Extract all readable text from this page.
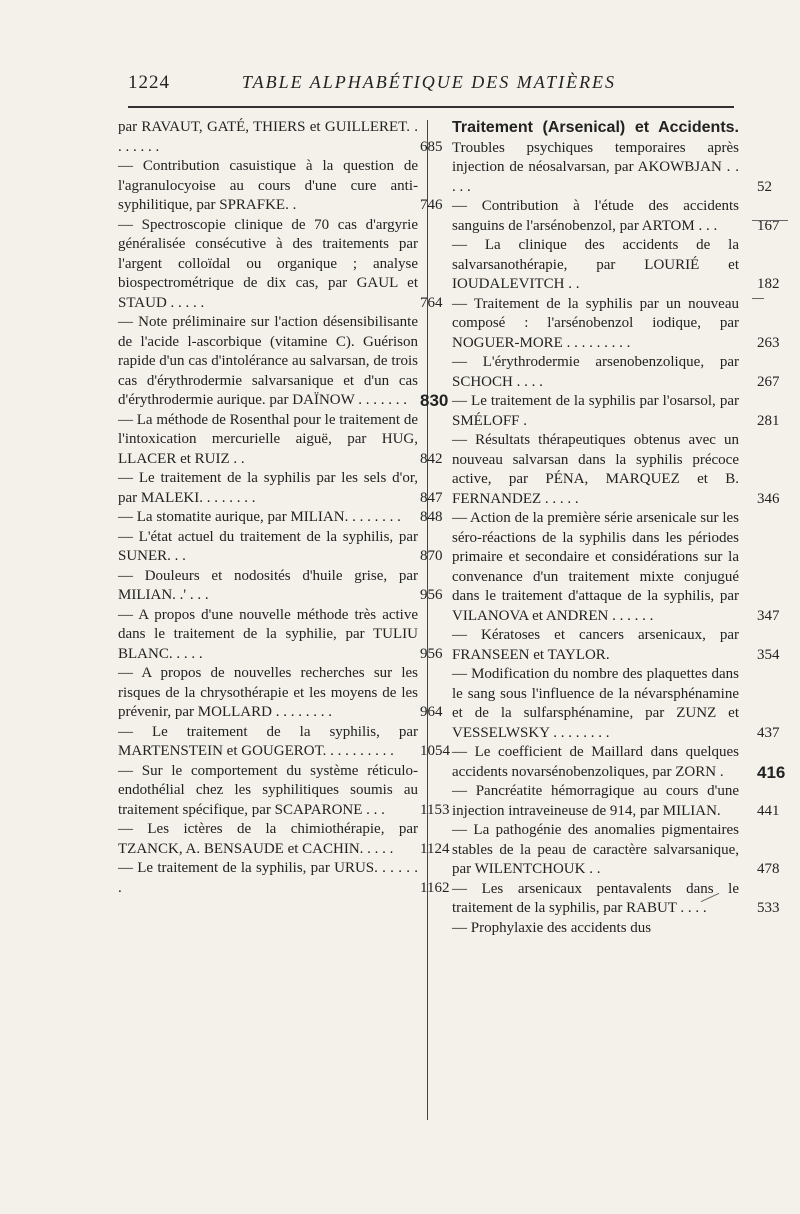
1224	TABLE ALPHABÉTIQUE DES MATIÈRES
par RAVAUT, GATÉ, THIERS et GUILLERET. . . . . . . .	685
— Contribution casuistique à la question de l'agranulocyoise au cours d'une cure anti-syphilitique, par SPRAFKE. .	746
— Spectroscopie clinique de 70 cas d'argyrie généralisée consécutive à des traitements par l'argent colloïdal ou organique ; analyse biospectrométrique de dix cas, par GAUL et STAUD . . . . .	764
— Note préliminaire sur l'action désensibilisante de l'acide l-ascorbique (vitamine C). Guérison rapide d'un cas d'intolérance au salvarsan, de trois cas d'érythrodermie salvarsanique et d'un cas d'érythrodermie aurique. par DAÏNOW . . . . . . . 830
— La méthode de Rosenthal pour le traitement de l'intoxication mercurielle aiguë, par HUG, LLACER et RUIZ . .	842
— Le traitement de la syphilis par les sels d'or, par MALEKI. . . . . . . .	847
— La stomatite aurique, par MILIAN. . . . . . . . 848
— L'état actuel du traitement de la syphilis, par SUNER. . .	870
— Douleurs et nodosités d'huile grise, par MILIAN. .' . . .	956
— A propos d'une nouvelle méthode très active dans le traitement de la syphilie, par TULIU BLANC. . . . .	956
— A propos de nouvelles recherches sur les risques de la chrysothérapie et les moyens de les prévenir, par MOLLARD . . . . . . . .	964
— Le traitement de la syphilis, par MARTENSTEIN et GOUGEROT. . . . . . . . . . 1054
— Sur le comportement du système réticulo-endothélial chez les syphilitiques soumis au traitement spécifique, par SCAPARONE . . . 1153
— Les ictères de la chimiothérapie, par TZANCK, A. BENSAUDE et CACHIN. . . . . 1124
— Le traitement de la syphilis, par URUS. . . . . . .	1162
Traitement (Arsenical) et Accidents. Troubles psychiques temporaires après injection de néosalvarsan, par AKOWBJAN . . . . .	52
— Contribution à l'étude des accidents sanguins de l'arsénobenzol, par ARTOM . . .	167
— La clinique des accidents de la salvarsanothérapie, par LOURIÉ et IOUDALEVITCH . .	182
— Traitement de la syphilis par un nouveau composé : l'arsénobenzol iodique, par NOGUER-MORE . . . . . . . . .	263
— L'érythrodermie arsenobenzolique, par SCHOCH . . . .	267
— Le traitement de la syphilis par l'osarsol, par SMÉLOFF .	281
— Résultats thérapeutiques obtenus avec un nouveau salvarsan dans la syphilis précoce active, par PÉNA, MARQUEZ et B. FERNANDEZ . . . . .	346
— Action de la première série arsenicale sur les séro-réactions de la syphilis dans les périodes primaire et secondaire et considérations sur la convenance d'un traitement mixte conjugué dans le traitement d'attaque de la syphilis, par VILANOVA et ANDREN . . . . . .	347
— Kératoses et cancers arsenicaux, par FRANSEEN et TAYLOR.	354
— Modification du nombre des plaquettes dans le sang sous l'influence de la névarsphénamine et de la sulfarsphénamine, par ZUNZ et VESSELWSKY . . . . . . . .	437
— Le coefficient de Maillard dans quelques accidents novarsénobenzoliques, par ZORN . 416
— Pancréatite hémorragique au cours d'une injection intraveineuse de 914, par MILIAN. 441
— La pathogénie des anomalies pigmentaires stables de la peau de caractère salvarsanique, par WILENTCHOUK . .	478
— Les arsenicaux pentavalents dans le traitement de la syphilis, par RABUT . . . .	533
— Prophylaxie des accidents dus
